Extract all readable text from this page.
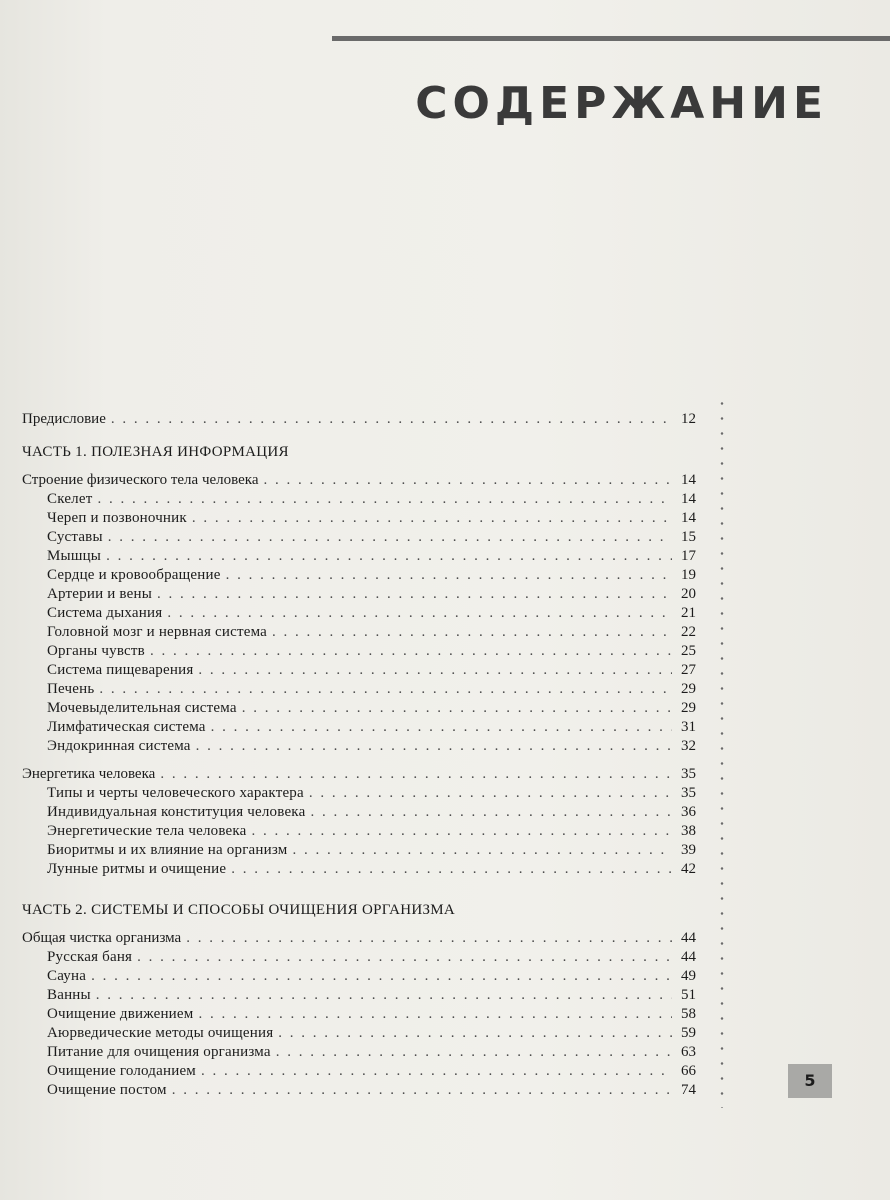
СОДЕРЖАНИЕ
Предисловие . . .	12
ЧАСТЬ 1. ПОЛЕЗНАЯ ИНФОРМАЦИЯ
Строение физического тела человека . . .	14
Скелет . . .	14
Череп и позвоночник . . .	14
Суставы . . .	15
Мышцы . . .	17
Сердце и кровообращение . . .	19
Артерии и вены . . .	20
Система дыхания . . .	21
Головной мозг и нервная система . . .	22
Органы чувств . . .	25
Система пищеварения . . .	27
Печень . . .	29
Мочевыделительная система . . .	29
Лимфатическая система . . .	31
Эндокринная система . . .	32
Энергетика человека . . .	35
Типы и черты человеческого характера . . .	35
Индивидуальная конституция человека . . .	36
Энергетические тела человека . . .	38
Биоритмы и их влияние на организм . . .	39
Лунные ритмы и очищение . . .	42
ЧАСТЬ 2. СИСТЕМЫ И СПОСОБЫ ОЧИЩЕНИЯ ОРГАНИЗМА
Общая чистка организма . . .	44
Русская баня . . .	44
Сауна . . .	49
Ванны . . .	51
Очищение движением . . .	58
Аюрведические методы очищения . . .	59
Питание для очищения организма . . .	63
Очищение голоданием . . .	66
Очищение постом . . .	74	5
